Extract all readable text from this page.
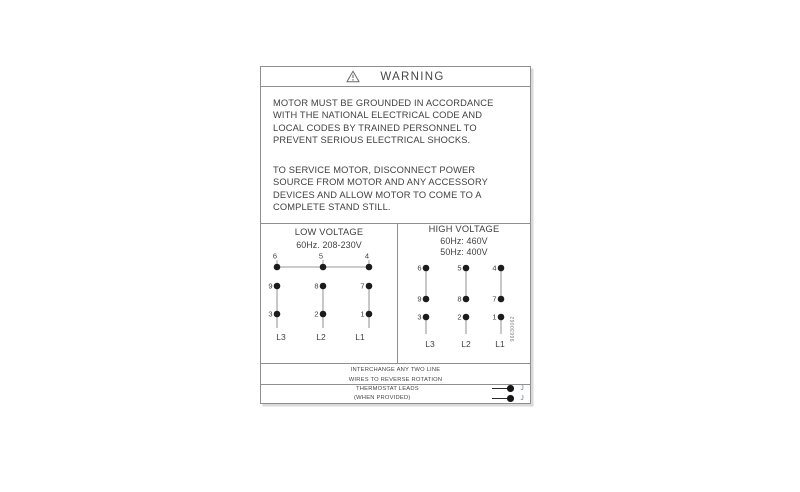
WARNING
MOTOR MUST BE GROUNDED IN ACCORDANCE
WITH THE NATIONAL ELECTRICAL CODE AND
LOCAL CODES BY TRAINED PERSONNEL TO
PREVENT SERIOUS ELECTRICAL SHOCKS.
TO SERVICE MOTOR, DISCONNECT POWER
SOURCE FROM MOTOR AND ANY ACCESSORY
DEVICES AND ALLOW MOTOR TO COME TO A
COMPLETE STAND STILL.
LOW VOLTAGE
60Hz. 208-230V
HIGH VOLTAGE
60Hz: 460V
50Hz: 400V
6
9
3
L3
5
8
2
L2
4
7
1
L1
6
9
3
L3
5
8
2
L2
4
7
1
L1
96630062
INTERCHANGE ANY TWO LINE
WIRES TO REVERSE ROTATION
THERMOSTAT LEADS
(WHEN PROVIDED)
J
J
